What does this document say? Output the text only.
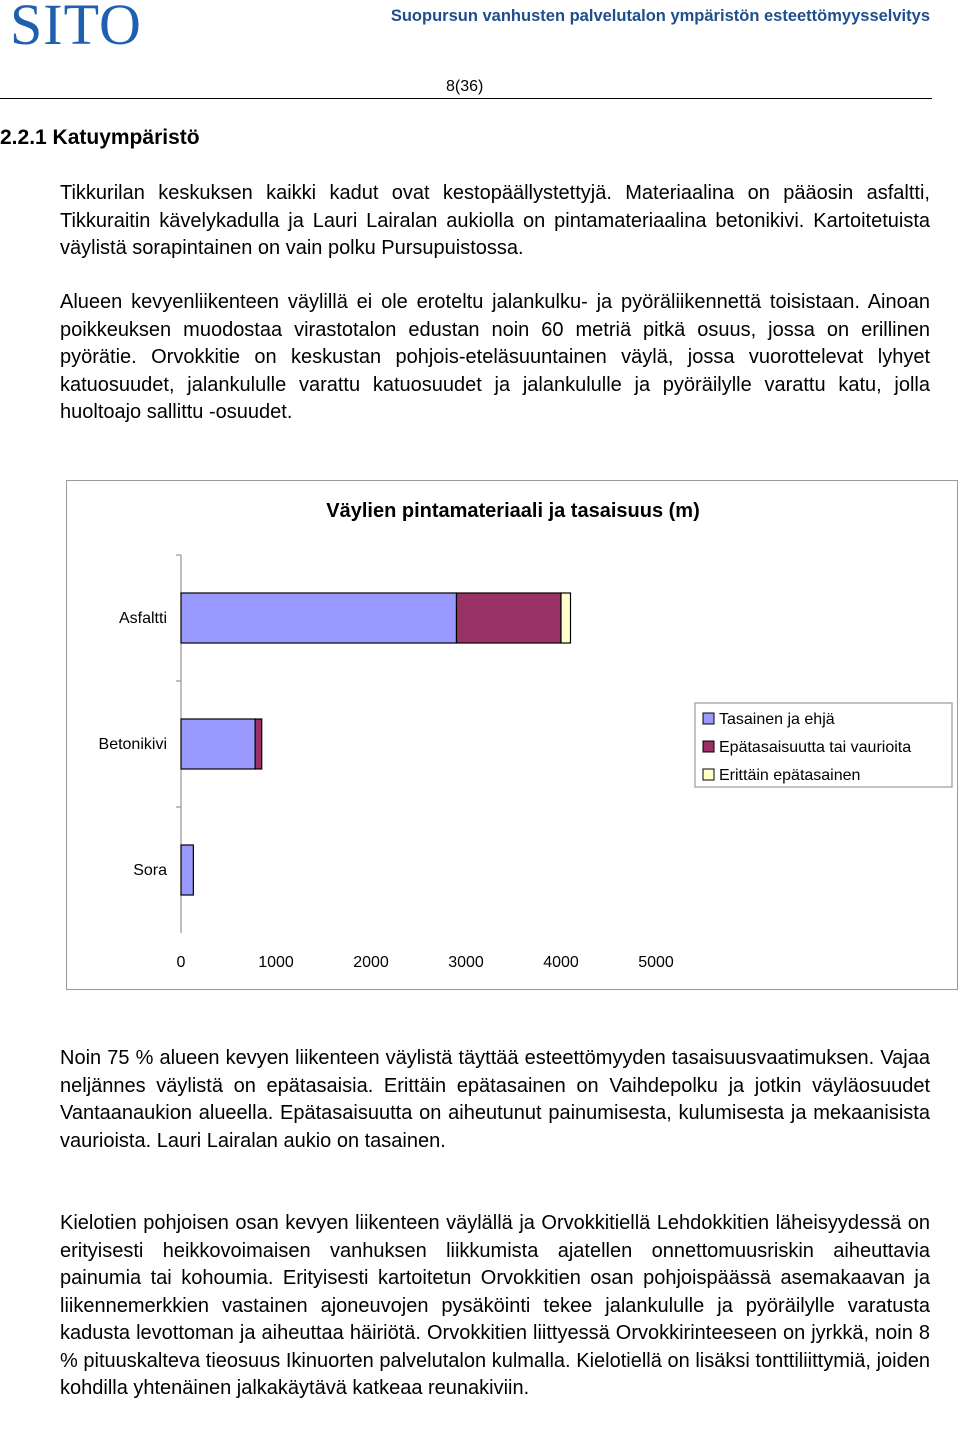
SITO	Suopursun vanhusten palvelutalon ympäristön esteettömyysselvitys
8(36)
2.2.1 Katuympäristö

Tikkurilan keskuksen kaikki kadut ovat kestopäällystettyjä. Materiaalina on pääosin asfaltti, Tikkuraitin kävelykadulla ja Lauri Lairalan aukiolla on pintamateriaalina betonikivi. Kartoitetuista väylistä sorapintainen on vain polku Pursupuistossa.

Alueen kevyenliikenteen väylillä ei ole eroteltu jalankulku- ja pyöräliikennettä toisistaan. Ainoan poikkeuksen muodostaa virastotalon edustan noin 60 metriä pitkä osuus, jossa on erillinen pyörätie. Orvokkitie on keskustan pohjois-eteläsuuntainen väylä, jossa vuorottelevat lyhyet katuosuudet, jalankululle varattu katuosuudet ja jalankululle ja pyöräilylle varattu katu, jolla huoltoajo sallittu -osuudet.

Väylien pintamateriaali ja tasaisuus (m)
Asfaltti
Betonikivi
Sora
0	1000	2000	3000	4000	5000
Tasainen ja ehjä
Epätasaisuutta tai vaurioita
Erittäin epätasainen

Noin 75 % alueen kevyen liikenteen väylistä täyttää esteettömyyden tasaisuusvaatimuksen. Vajaa neljännes väylistä on epätasaisia. Erittäin epätasainen on Vaihdepolku ja jotkin väyläosuudet Vantaanaukion alueella. Epätasaisuutta on aiheutunut painumisesta, kulumisesta ja mekaanisista vaurioista. Lauri Lairalan aukio on tasainen.

Kielotien pohjoisen osan kevyen liikenteen väylällä ja Orvokkitiellä Lehdokkitien läheisyydessä on erityisesti heikkovoimaisen vanhuksen liikkumista ajatellen onnettomuusriskin aiheuttavia painumia tai kohoumia. Erityisesti kartoitetun Orvokkitien osan pohjoispäässä asemakaavan ja liikennemerkkien vastainen ajoneuvojen pysäköinti tekee jalankululle ja pyöräilylle varatusta kadusta levottoman ja aiheuttaa häiriötä. Orvokkitien liittyessä Orvokkirinteeseen on jyrkkä, noin 8 % pituuskalteva tieosuus Ikinuorten palvelutalon kulmalla. Kielotiellä on lisäksi tonttiliittymiä, joiden kohdilla yhtenäinen jalkakäytävä katkeaa reunakiviin.
